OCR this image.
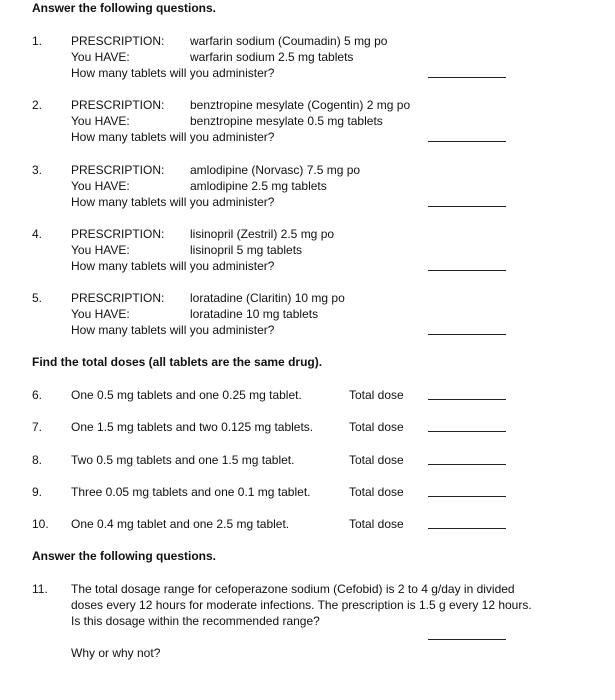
Answer the following questions.
1. PRESCRIPTION: warfarin sodium (Coumadin) 5 mg po
You HAVE:	warfarin sodium 2.5 mg tablets
How many tablets will you administer?
2. PRESCRIPTION: benztropine mesylate (Cogentin) 2 mg po
You HAVE:	benztropine mesylate 0.5 mg tablets
How many tablets will you administer?
3. PRESCRIPTION: amlodipine (Norvasc) 7.5 mg po
You HAVE:	amlodipine 2.5 mg tablets
How many tablets will you administer?
4. PRESCRIPTION: lisinopril (Zestril) 2.5 mg po
You HAVE:	lisinopril 5 mg tablets
How many tablets will you administer?
5. PRESCRIPTION: loratadine (Claritin) 10 mg po
You HAVE:	loratadine 10 mg tablets
How many tablets will you administer?
Find the total doses (all tablets are the same drug).
6. One 0.5 mg tablets and one 0.25 mg tablet.	Total dose
7. One 1.5 mg tablets and two 0.125 mg tablets.	Total dose
8. Two 0.5 mg tablets and one 1.5 mg tablet.	Total dose
9. Three 0.05 mg tablets and one 0.1 mg tablet.	Total dose
10. One 0.4 mg tablet and one 2.5 mg tablet.	Total dose
Answer the following questions.
11. The total dosage range for cefoperazone sodium (Cefobid) is 2 to 4 g/day in divided
doses every 12 hours for moderate infections. The prescription is 1.5 g every 12 hours.
Is this dosage within the recommended range?
Why or why not?
